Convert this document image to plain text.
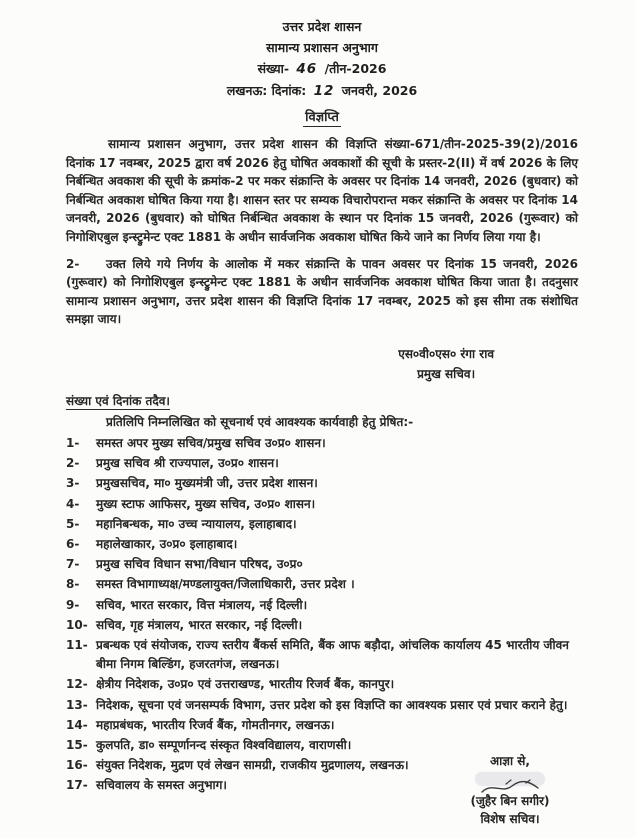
उत्तर प्रदेश शासन
सामान्य प्रशासन अनुभाग
संख्या- 46 /तीन-2026
लखनऊ: दिनांक: 12 जनवरी, 2026
विज्ञप्ति

सामान्य प्रशासन अनुभाग, उत्तर प्रदेश शासन की विज्ञप्ति संख्या-671/तीन-2025-39(2)/2016 दिनांक 17 नवम्बर, 2025 द्वारा वर्ष 2026 हेतु घोषित अवकाशों की सूची के प्रस्तर-2(II) में वर्ष 2026 के लिए निर्बन्धित अवकाश की सूची के क्रमांक-2 पर मकर संक्रान्ति के अवसर पर दिनांक 14 जनवरी, 2026 (बुधवार) को निर्बन्धित अवकाश घोषित किया गया है। शासन स्तर पर सम्यक विचारोपरान्त मकर संक्रान्ति के अवसर पर दिनांक 14 जनवरी, 2026 (बुधवार) को घोषित निर्बन्धित अवकाश के स्थान पर दिनांक 15 जनवरी, 2026 (गुरूवार) को निगोशिएबुल इन्स्ट्रुमेन्ट एक्ट 1881 के अधीन सार्वजनिक अवकाश घोषित किये जाने का निर्णय लिया गया है।

2- उक्त लिये गये निर्णय के आलोक में मकर संक्रान्ति के पावन अवसर पर दिनांक 15 जनवरी, 2026 (गुरूवार) को निगोशिएबुल इन्स्ट्रुमेन्ट एक्ट 1881 के अधीन सार्वजनिक अवकाश घोषित किया जाता है। तदनुसार सामान्य प्रशासन अनुभाग, उत्तर प्रदेश शासन की विज्ञप्ति दिनांक 17 नवम्बर, 2025 को इस सीमा तक संशोधित समझा जाय।

एस०वी०एस० रंगा राव
प्रमुख सचिव।
संख्या एवं दिनांक तदैव।
प्रतिलिपि निम्नलिखित को सूचनार्थ एवं आवश्यक कार्यवाही हेतु प्रेषित:-
1-	समस्त अपर मुख्य सचिव/प्रमुख सचिव उ०प्र० शासन।
2-	प्रमुख सचिव श्री राज्यपाल, उ०प्र० शासन।
3-	प्रमुखसचिव, मा० मुख्यमंत्री जी, उत्तर प्रदेश शासन।
4-	मुख्य स्टाफ आफिसर, मुख्य सचिव, उ०प्र० शासन।
5-	महानिबन्धक, मा० उच्च न्यायालय, इलाहाबाद।
6-	महालेखाकार, उ०प्र० इलाहाबाद।
7-	प्रमुख सचिव विधान सभा/विधान परिषद, उ०प्र०
8-	समस्त विभागाध्यक्ष/मण्डलायुक्त/जिलाधिकारी, उत्तर प्रदेश ।
9-	सचिव, भारत सरकार, वित्त मंत्रालय, नई दिल्ली।
10- सचिव, गृह मंत्रालय, भारत सरकार, नई दिल्ली।
11- प्रबन्धक एवं संयोजक, राज्य स्तरीय बैंकर्स समिति, बैंक आफ बड़ौदा, आंचलिक कार्यालय 45 भारतीय जीवन बीमा निगम बिल्डिंग, हजरतगंज, लखनऊ।
12- क्षेत्रीय निदेशक, उ०प्र० एवं उत्तराखण्ड, भारतीय रिजर्व बैंक, कानपुर।
13- निदेशक, सूचना एवं जनसम्पर्क विभाग, उत्तर प्रदेश को इस विज्ञप्ति का आवश्यक प्रसार एवं प्रचार कराने हेतु।
14- महाप्रबंधक, भारतीय रिजर्व बैंक, गोमतीनगर, लखनऊ।
15- कुलपति, डा० सम्पूर्णानन्द संस्कृत विश्वविद्यालय, वाराणसी।
16- संयुक्त निदेशक, मुद्रण एवं लेखन सामग्री, राजकीय मुद्रणालय, लखनऊ।
17- सचिवालय के समस्त अनुभाग।
आज्ञा से,
(जुहैर बिन सगीर)
विशेष सचिव।
